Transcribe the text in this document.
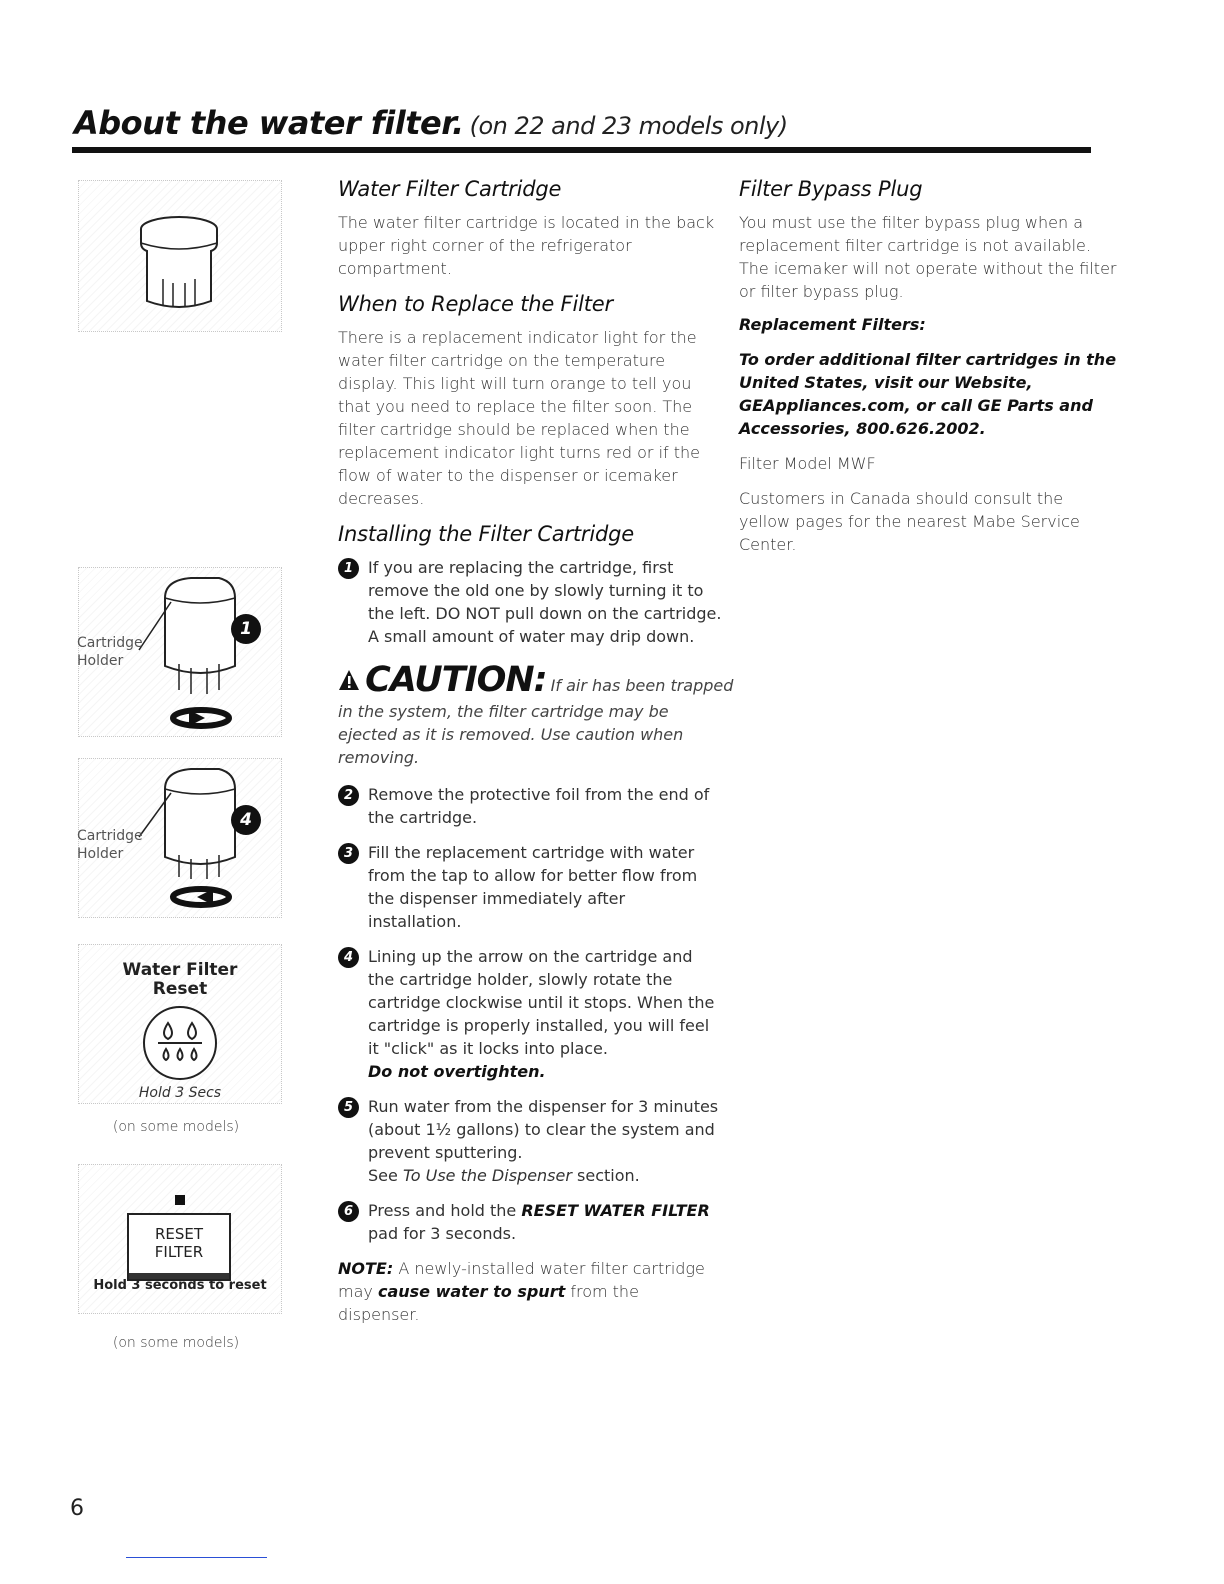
About the water filter. (on 22 and 23 models only)
Cartridge
Holder
1
Cartridge
Holder
4
Water Filter
Reset
Hold 3 Secs
(on some models)
RESET
FILTER
Hold 3 seconds to reset
(on some models)
Water Filter Cartridge
The water filter cartridge is located in the back upper right corner of the refrigerator compartment.
When to Replace the Filter
There is a replacement indicator light for the water filter cartridge on the temperature display. This light will turn orange to tell you that you need to replace the filter soon. The filter cartridge should be replaced when the replacement indicator light turns red or if the flow of water to the dispenser or icemaker decreases.
Installing the Filter Cartridge
1 If you are replacing the cartridge, first remove the old one by slowly turning it to the left. DO NOT pull down on the cartridge. A small amount of water may drip down.
CAUTION: If air has been trapped
in the system, the filter cartridge may be ejected as it is removed. Use caution when removing.
2 Remove the protective foil from the end of the cartridge.
3 Fill the replacement cartridge with water from the tap to allow for better flow from the dispenser immediately after installation.
4 Lining up the arrow on the cartridge and the cartridge holder, slowly rotate the cartridge clockwise until it stops. When the cartridge is properly installed, you will feel it "click" as it locks into place.
Do not overtighten.
5 Run water from the dispenser for 3 minutes (about 1½ gallons) to clear the system and prevent sputtering.
See To Use the Dispenser section.
6 Press and hold the RESET WATER FILTER pad for 3 seconds.
NOTE: A newly-installed water filter cartridge may cause water to spurt from the dispenser.
Filter Bypass Plug
You must use the filter bypass plug when a replacement filter cartridge is not available. The icemaker will not operate without the filter or filter bypass plug.
Replacement Filters:
To order additional filter cartridges in the United States, visit our Website, GEAppliances.com, or call GE Parts and Accessories, 800.626.2002.
Filter Model MWF
Customers in Canada should consult the yellow pages for the nearest Mabe Service Center.
6
